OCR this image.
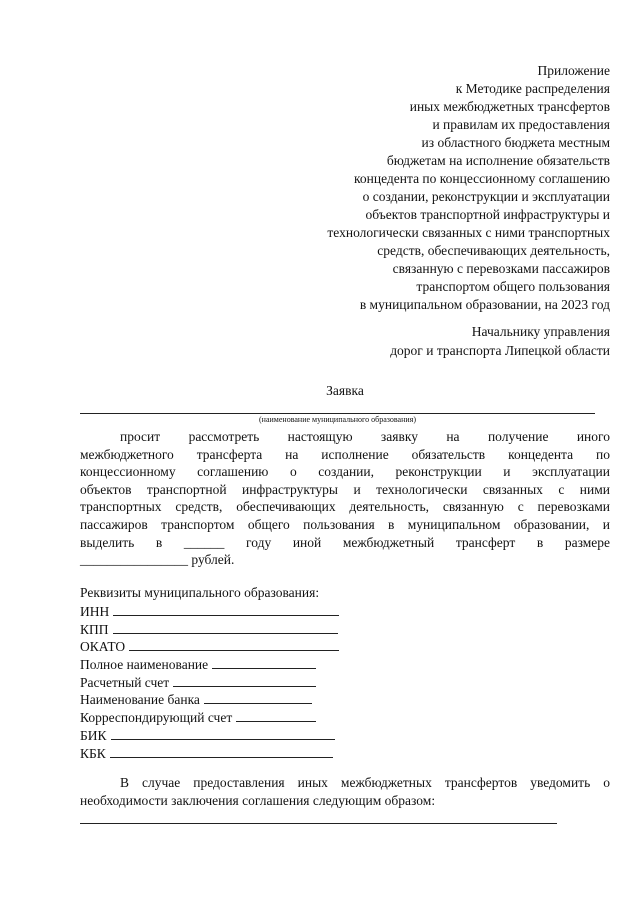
Приложение
к Методике распределения
иных межбюджетных трансфертов
и правилам их предоставления
из областного бюджета местным
бюджетам на исполнение обязательств
концедента по концессионному соглашению
о создании, реконструкции и эксплуатации
объектов транспортной инфраструктуры и
технологически связанных с ними транспортных
средств, обеспечивающих деятельность,
связанную с перевозками пассажиров
транспортом общего пользования
в муниципальном образовании, на 2023 год
Начальнику управления
дорог и транспорта Липецкой области
Заявка
(наименование муниципального образования)
просит рассмотреть настоящую заявку на получение иного
межбюджетного трансферта на исполнение обязательств концедента по
концессионному соглашению о создании, реконструкции и эксплуатации
объектов транспортной инфраструктуры и технологически связанных с ними
транспортных средств, обеспечивающих деятельность, связанную с перевозками
пассажиров транспортом общего пользования в муниципальном образовании, и
выделить в ______ году иной межбюджетный трансферт в размере
________________ рублей.
Реквизиты муниципального образования:
ИНН
КПП
ОКАТО
Полное наименование
Расчетный счет
Наименование банка
Корреспондирующий счет
БИК
КБК
В случае предоставления иных межбюджетных трансфертов уведомить о
необходимости заключения соглашения следующим образом:
